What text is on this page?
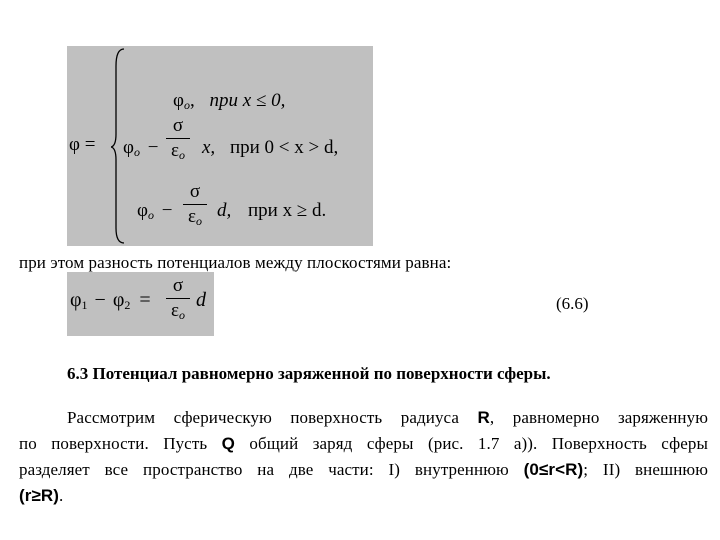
φ =
$\varphi_o$, при x ≤ 0,
$\varphi_o$ −
σ
$\varepsilon_o$ x, при 0 < x > d,
$\varphi_o$ −
σ
$\varepsilon_o$ d, при x ≥ d.
при этом разность потенциалов между плоскостями равна:
φ1 − φ2 =
σ
$\varepsilon_o$
d	(6.6)
6.3 Потенциал равномерно заряженной по поверхности сферы.
Рассмотрим сферическую поверхность радиуса R, равномерно заряженную
по поверхности. Пусть Q общий заряд сферы (рис. 1.7 а)). Поверхность сферы
разделяет все пространство на две части: I) внутреннюю (0≤r<R); II) внешнюю
(r≥R).
